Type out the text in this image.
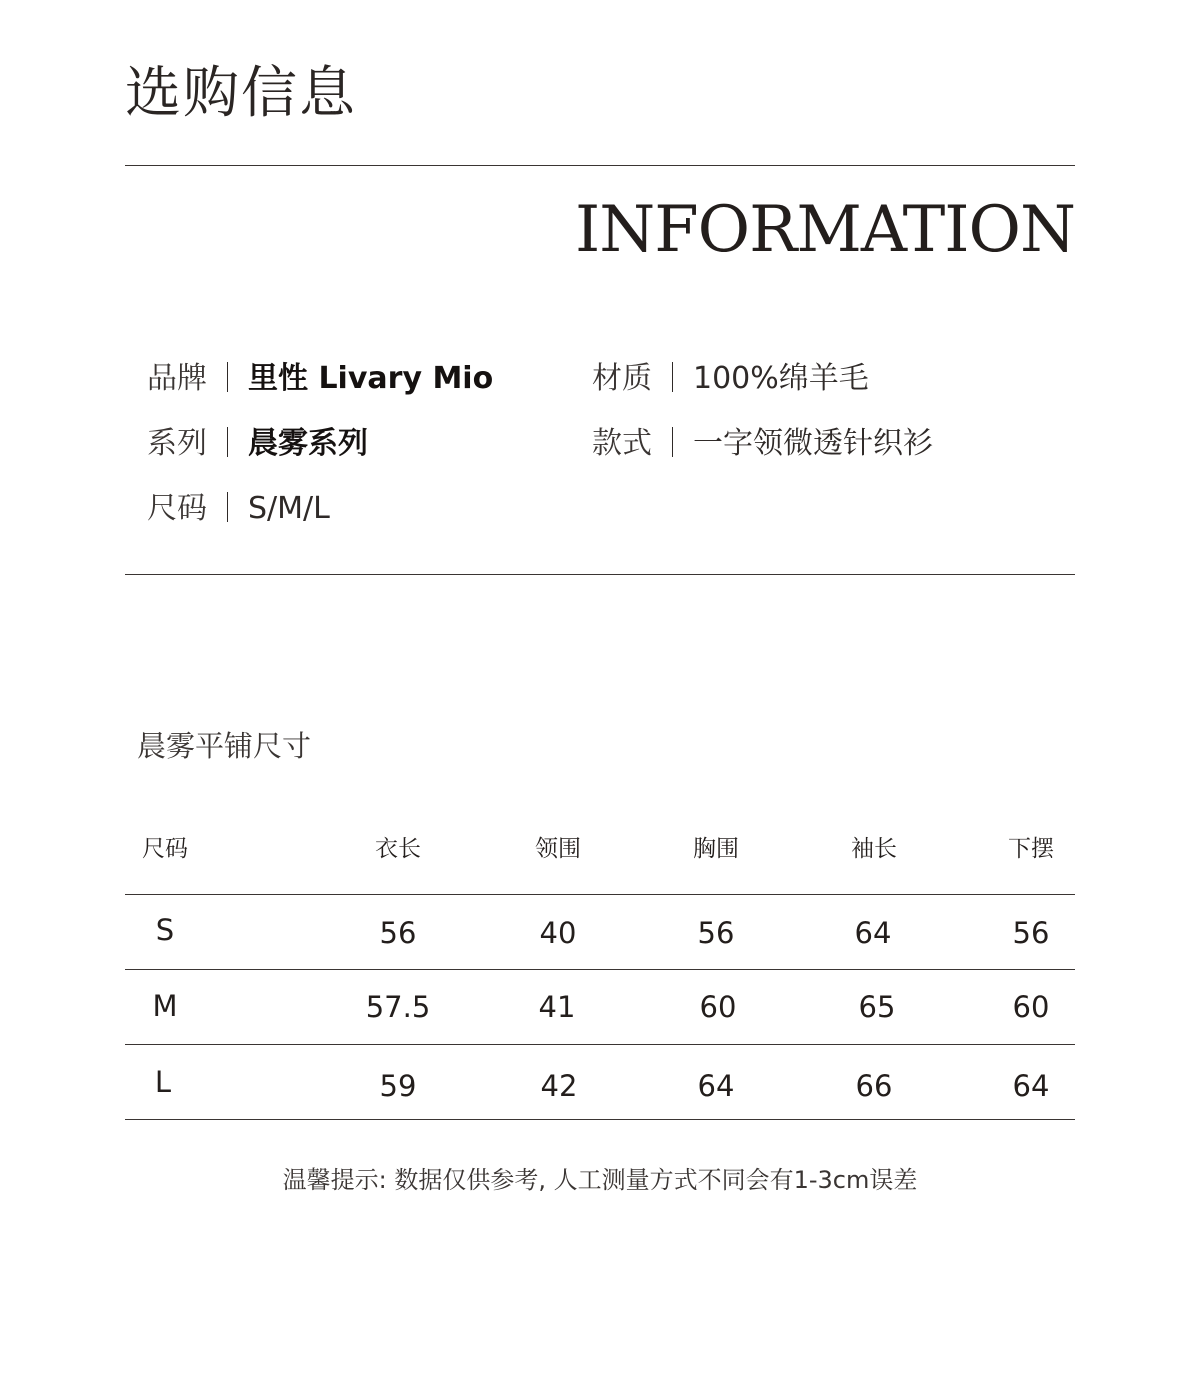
选购信息
INFORMATION
品牌 里性 Livary Mio
系列 晨雾系列
尺码 S/M/L
材质 100%绵羊毛
款式 一字领微透针织衫
晨雾平铺尺寸
尺码	衣长	领围	胸围	袖长	下摆
S	56	40	56	64	56
M	57.5	41	60	65	60
L	59	42	64	66	64
温馨提示: 数据仅供参考, 人工测量方式不同会有1-3cm误差
